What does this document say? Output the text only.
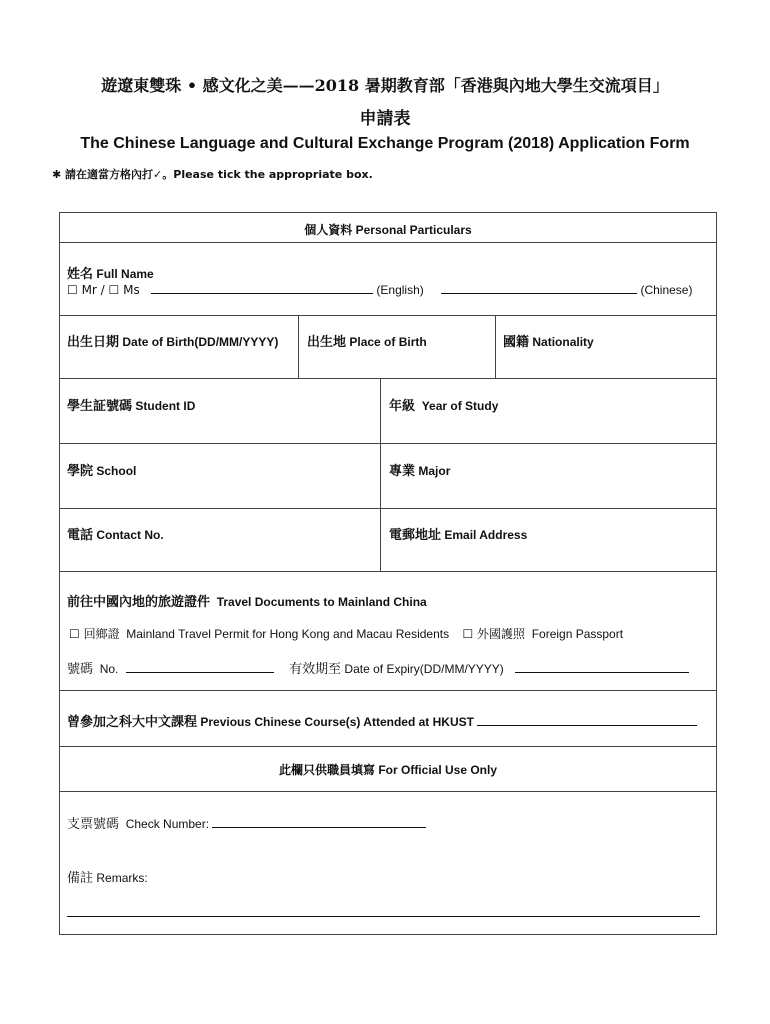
遊遼東雙珠 • 感文化之美——2018 暑期教育部「香港與內地大學生交流項目」
申請表
The Chinese Language and Cultural Exchange Program (2018) Application Form
✱ 請在適當方格內打✓。Please tick the appropriate box.
個人資料 Personal Particulars
姓名 Full Name
☐ Mr / ☐ Ms	(English)	(Chinese)
出生日期 Date of Birth(DD/MM/YYYY) 出生地 Place of Birth	國籍 Nationality
學生証號碼 Student ID	年級 Year of Study
學院 School	專業 Major
電話 Contact No.	電郵地址 Email Address
前往中國內地的旅遊證件 Travel Documents to Mainland China
☐ 回鄉證 Mainland Travel Permit for Hong Kong and Macau Residents ☐ 外國護照 Foreign Passport
號碼 No.	有效期至 Date of Expiry(DD/MM/YYYY)
曾參加之科大中文課程 Previous Chinese Course(s) Attended at HKUST
此欄只供職員填寫 For Official Use Only
支票號碼 Check Number:
備註 Remarks:
